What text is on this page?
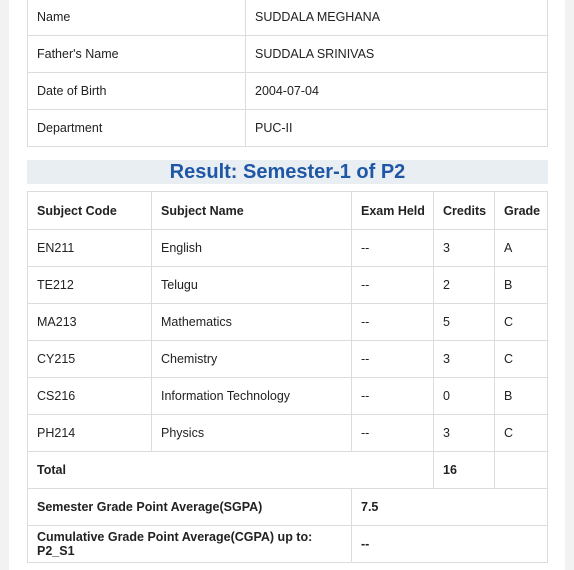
Name	SUDDALA MEGHANA
Father's Name	SUDDALA SRINIVAS
Date of Birth	2004-07-04
Department	PUC-II
Result: Semester-1 of P2
Subject Code	Subject Name	Exam Held	Credits	Grade
EN211	English	--	3	A
TE212	Telugu	--	2	B
MA213	Mathematics	--	5	C
CY215	Chemistry	--	3	C
CS216	Information Technology	--	0	B
PH214	Physics	--	3	C
Total			16	
Semester Grade Point Average(SGPA)		7.5		
Cumulative Grade Point Average(CGPA) up to: P2_S1		--		
